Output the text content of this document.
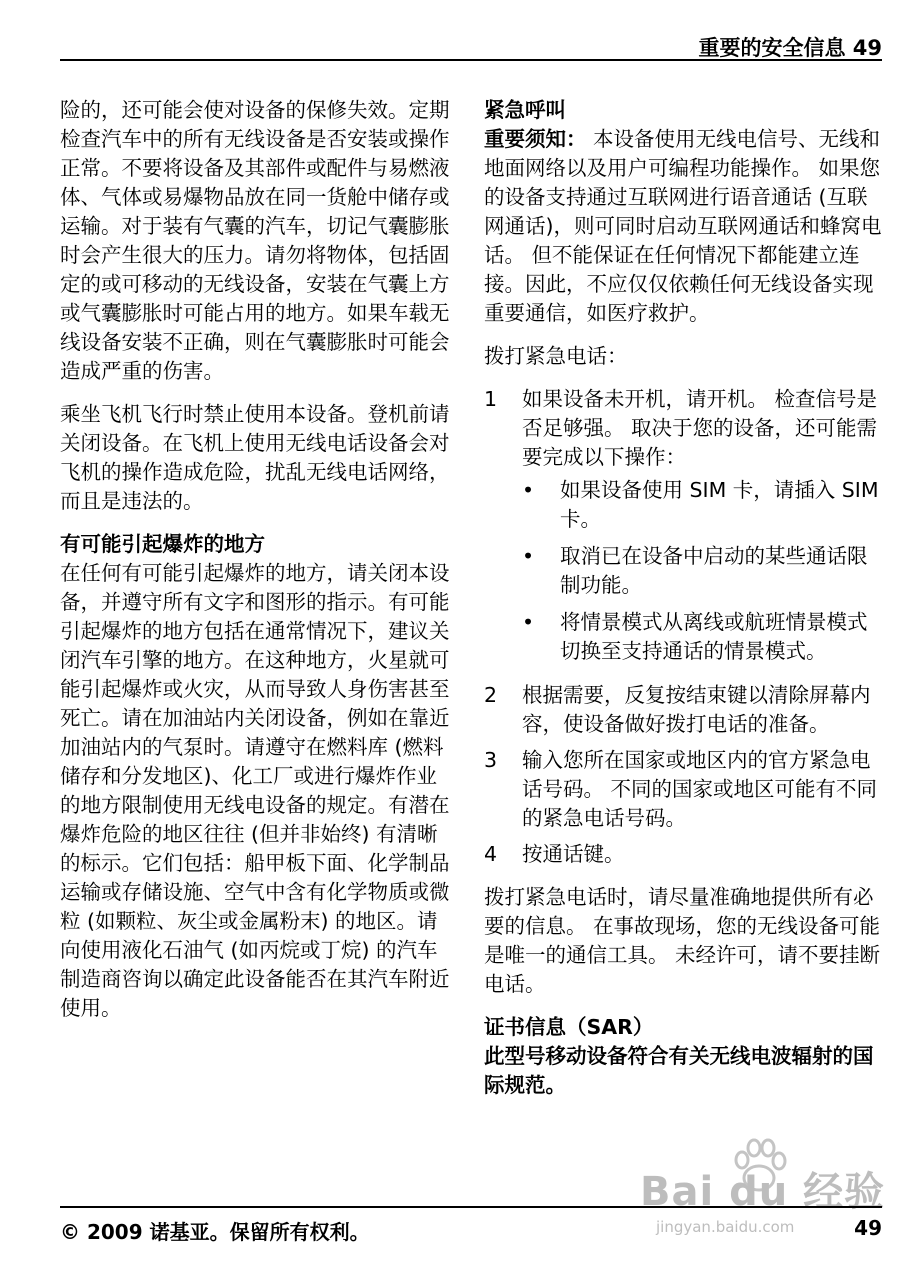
重要的安全信息 49

险的，还可能会使对设备的保修失效。定期检查汽车中的所有无线设备是否安装或操作正常。不要将设备及其部件或配件与易燃液体、气体或易爆物品放在同一货舱中储存或运输。对于装有气囊的汽车，切记气囊膨胀时会产生很大的压力。请勿将物体，包括固定的或可移动的无线设备，安装在气囊上方或气囊膨胀时可能占用的地方。如果车载无线设备安装不正确，则在气囊膨胀时可能会造成严重的伤害。

乘坐飞机飞行时禁止使用本设备。登机前请关闭设备。在飞机上使用无线电话设备会对飞机的操作造成危险，扰乱无线电话网络，而且是违法的。

有可能引起爆炸的地方

在任何有可能引起爆炸的地方，请关闭本设备，并遵守所有文字和图形的指示。有可能引起爆炸的地方包括在通常情况下，建议关闭汽车引擎的地方。在这种地方，火星就可能引起爆炸或火灾，从而导致人身伤害甚至死亡。请在加油站内关闭设备，例如在靠近加油站内的气泵时。请遵守在燃料库 (燃料储存和分发地区)、化工厂或进行爆炸作业的地方限制使用无线电设备的规定。有潜在爆炸危险的地区往往 (但并非始终) 有清晰的标示。它们包括：船甲板下面、化学制品运输或存储设施、空气中含有化学物质或微粒 (如颗粒、灰尘或金属粉末) 的地区。请向使用液化石油气 (如丙烷或丁烷) 的汽车制造商咨询以确定此设备能否在其汽车附近使用。

紧急呼叫

重要须知： 本设备使用无线电信号、无线和地面网络以及用户可编程功能操作。 如果您的设备支持通过互联网进行语音通话 (互联网通话)，则可同时启动互联网通话和蜂窝电话。 但不能保证在任何情况下都能建立连接。因此，不应仅仅依赖任何无线设备实现重要通信，如医疗救护。

拨打紧急电话：

1	如果设备未开机，请开机。 检查信号是否足够强。 取决于您的设备，还可能需要完成以下操作：
•	如果设备使用 SIM 卡，请插入 SIM 卡。
•	取消已在设备中启动的某些通话限制功能。
•	将情景模式从离线或航班情景模式切换至支持通话的情景模式。
2	根据需要，反复按结束键以清除屏幕内容，使设备做好拨打电话的准备。
3	输入您所在国家或地区内的官方紧急电话号码。 不同的国家或地区可能有不同的紧急电话号码。
4	按通话键。

拨打紧急电话时，请尽量准确地提供所有必要的信息。 在事故现场，您的无线设备可能是唯一的通信工具。 未经许可，请不要挂断电话。

证书信息（SAR）

此型号移动设备符合有关无线电波辐射的国际规范。

Bai du 经验
jingyan.baidu.com
© 2009 诺基亚。保留所有权利。	49
